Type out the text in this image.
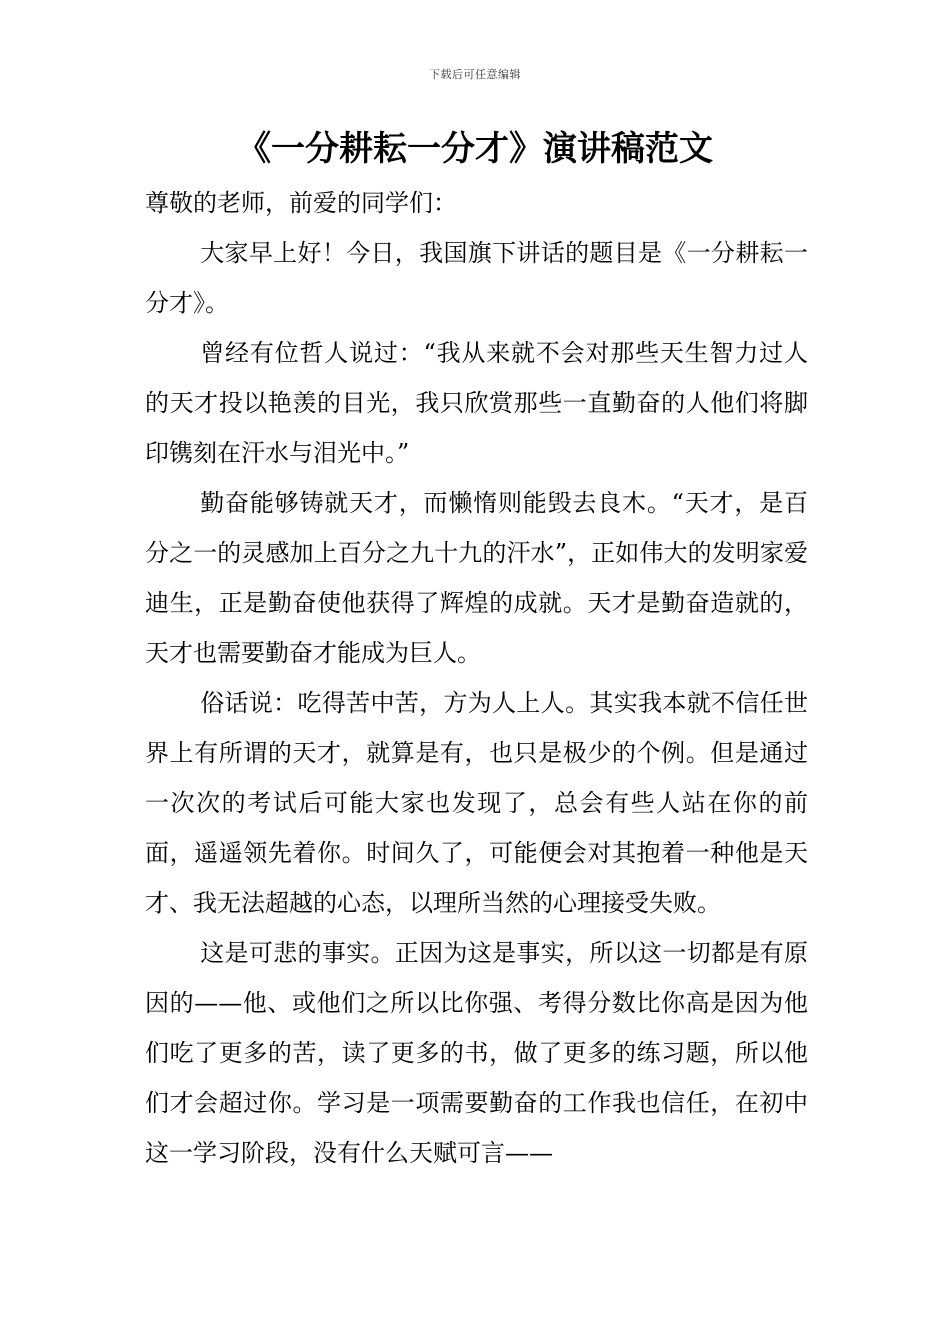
下载后可任意编辑
《一分耕耘一分才》演讲稿范文

尊敬的老师，前爱的同学们：

大家早上好！今日，我国旗下讲话的题目是《一分耕耘一分才》。

曾经有位哲人说过：“我从来就不会对那些天生智力过人的天才投以艳羡的目光，我只欣赏那些一直勤奋的人他们将脚印镌刻在汗水与泪光中。”

勤奋能够铸就天才，而懒惰则能毁去良木。“天才，是百分之一的灵感加上百分之九十九的汗水”，正如伟大的发明家爱迪生，正是勤奋使他获得了辉煌的成就。天才是勤奋造就的，天才也需要勤奋才能成为巨人。

俗话说：吃得苦中苦，方为人上人。其实我本就不信任世界上有所谓的天才，就算是有，也只是极少的个例。但是通过一次次的考试后可能大家也发现了，总会有些人站在你的前面，遥遥领先着你。时间久了，可能便会对其抱着一种他是天才、我无法超越的心态，以理所当然的心理接受失败。

这是可悲的事实。正因为这是事实，所以这一切都是有原因的——他、或他们之所以比你强、考得分数比你高是因为他们吃了更多的苦，读了更多的书，做了更多的练习题，所以他们才会超过你。学习是一项需要勤奋的工作我也信任，在初中这一学习阶段，没有什么天赋可言——
